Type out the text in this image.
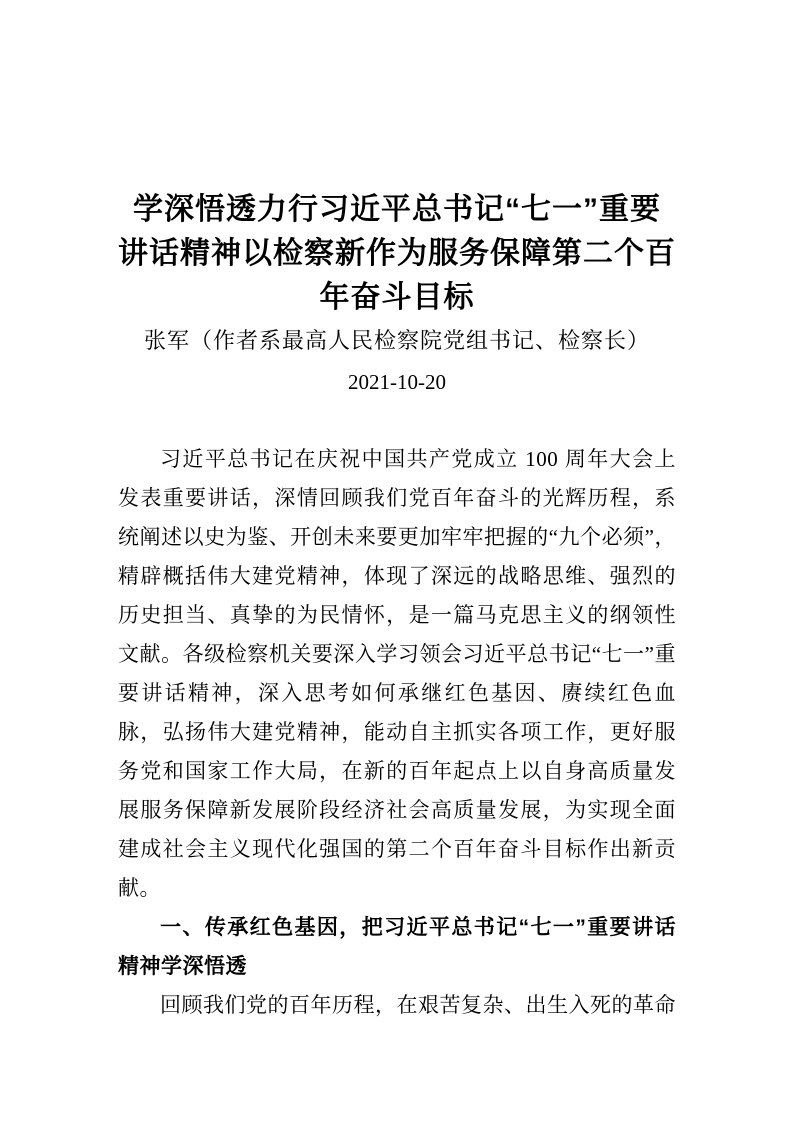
学深悟透力行习近平总书记“七一”重要讲话精神以检察新作为服务保障第二个百年奋斗目标

张军（作者系最高人民检察院党组书记、检察长）

2021-10-20

习近平总书记在庆祝中国共产党成立 100 周年大会上发表重要讲话，深情回顾我们党百年奋斗的光辉历程，系统阐述以史为鉴、开创未来要更加牢牢把握的“九个必须”，精辟概括伟大建党精神，体现了深远的战略思维、强烈的历史担当、真挚的为民情怀，是一篇马克思主义的纲领性文献。各级检察机关要深入学习领会习近平总书记“七一”重要讲话精神，深入思考如何承继红色基因、赓续红色血脉，弘扬伟大建党精神，能动自主抓实各项工作，更好服务党和国家工作大局，在新的百年起点上以自身高质量发展服务保障新发展阶段经济社会高质量发展，为实现全面建成社会主义现代化强国的第二个百年奋斗目标作出新贡献。

一、传承红色基因，把习近平总书记“七一”重要讲话精神学深悟透

回顾我们党的百年历程，在艰苦复杂、出生入死的革命
